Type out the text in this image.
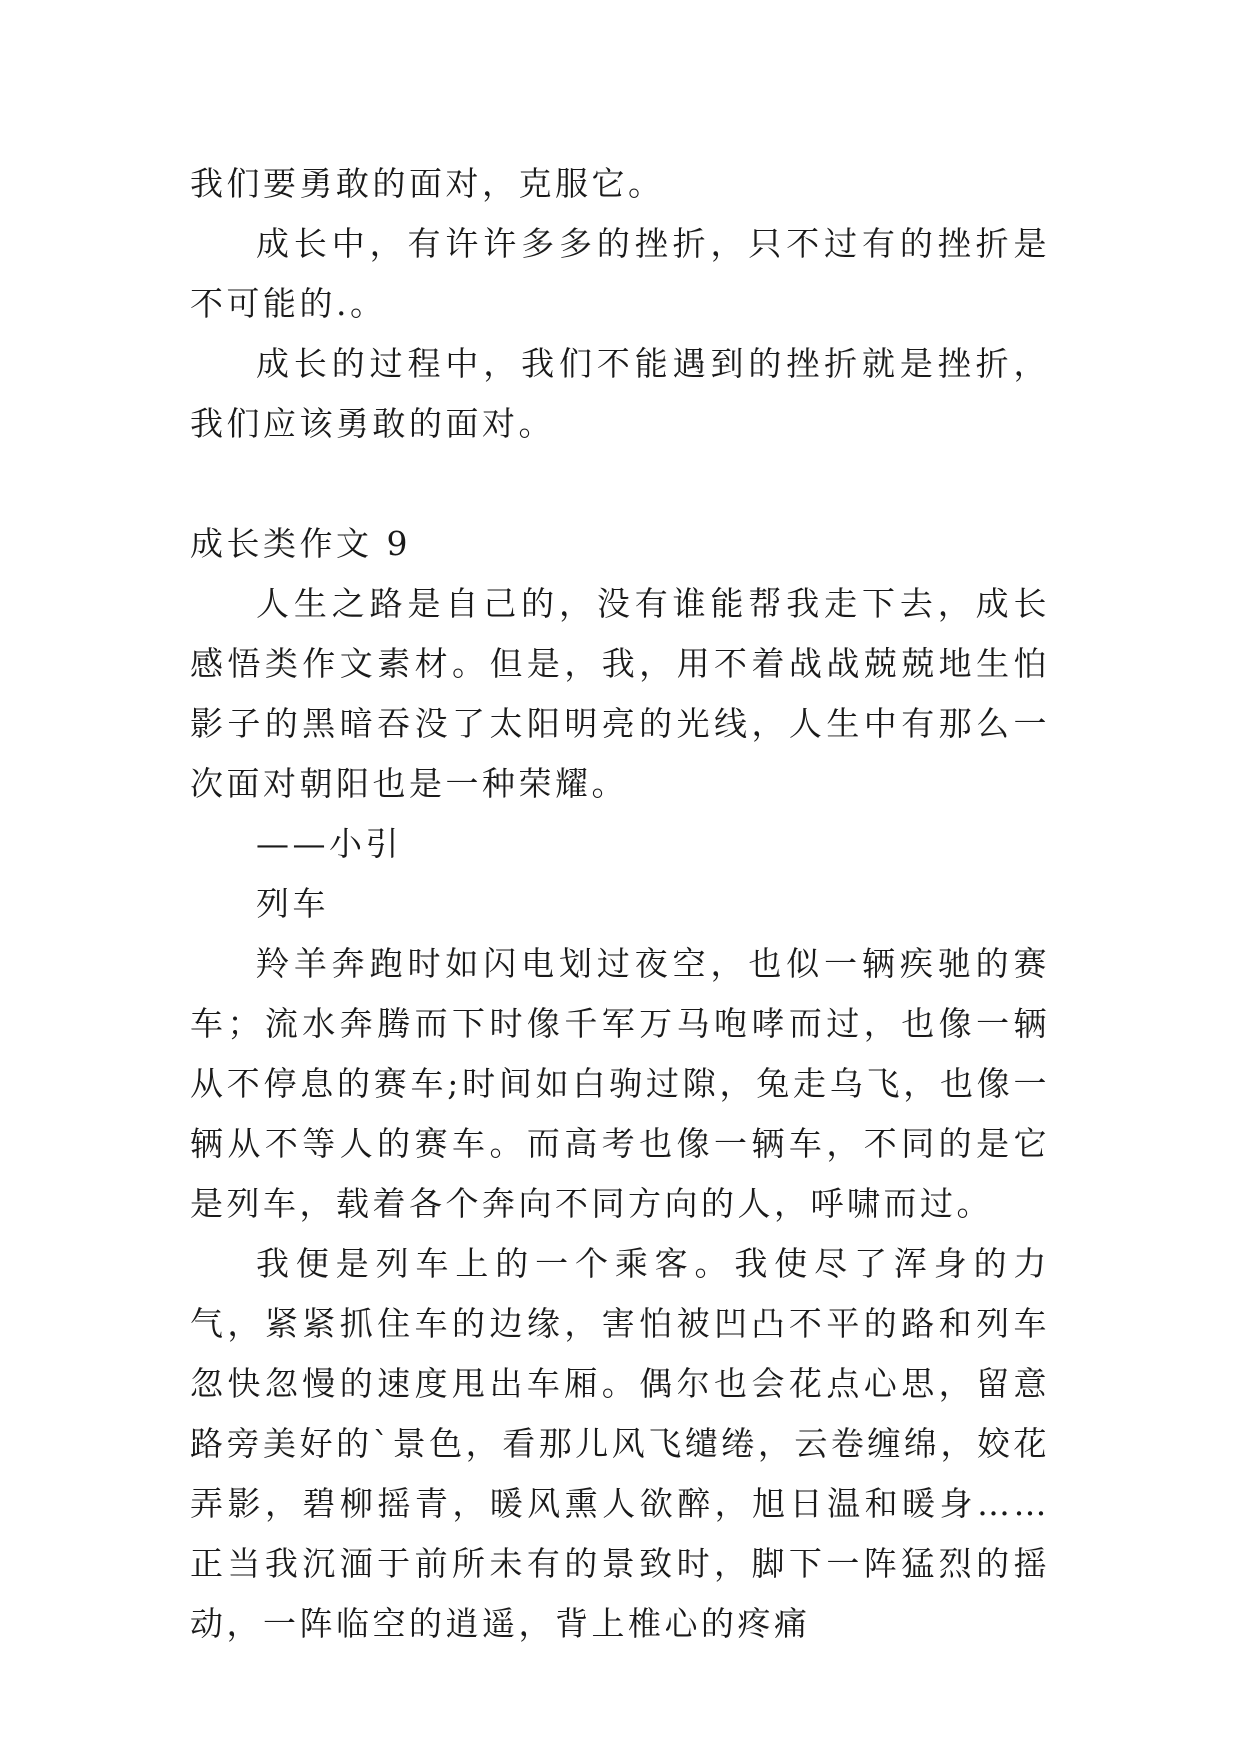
我们要勇敢的面对，克服它。

成长中，有许许多多的挫折，只不过有的挫折是不可能的.。

成长的过程中，我们不能遇到的挫折就是挫折，我们应该勇敢的面对。

成长类作文 9

人生之路是自己的，没有谁能帮我走下去，成长感悟类作文素材。但是，我，用不着战战兢兢地生怕影子的黑暗吞没了太阳明亮的光线，人生中有那么一次面对朝阳也是一种荣耀。

——小引

列车

羚羊奔跑时如闪电划过夜空，也似一辆疾驰的赛车；流水奔腾而下时像千军万马咆哮而过，也像一辆从不停息的赛车;时间如白驹过隙，兔走乌飞，也像一辆从不等人的赛车。而高考也像一辆车，不同的是它是列车，载着各个奔向不同方向的人，呼啸而过。

我便是列车上的一个乘客。我使尽了浑身的力气，紧紧抓住车的边缘，害怕被凹凸不平的路和列车忽快忽慢的速度甩出车厢。偶尔也会花点心思，留意路旁美好的`景色，看那儿风飞缱绻，云卷缠绵，姣花弄影，碧柳摇青，暖风熏人欲醉，旭日温和暖身……正当我沉湎于前所未有的景致时，脚下一阵猛烈的摇动，一阵临空的逍遥，背上椎心的疼痛
